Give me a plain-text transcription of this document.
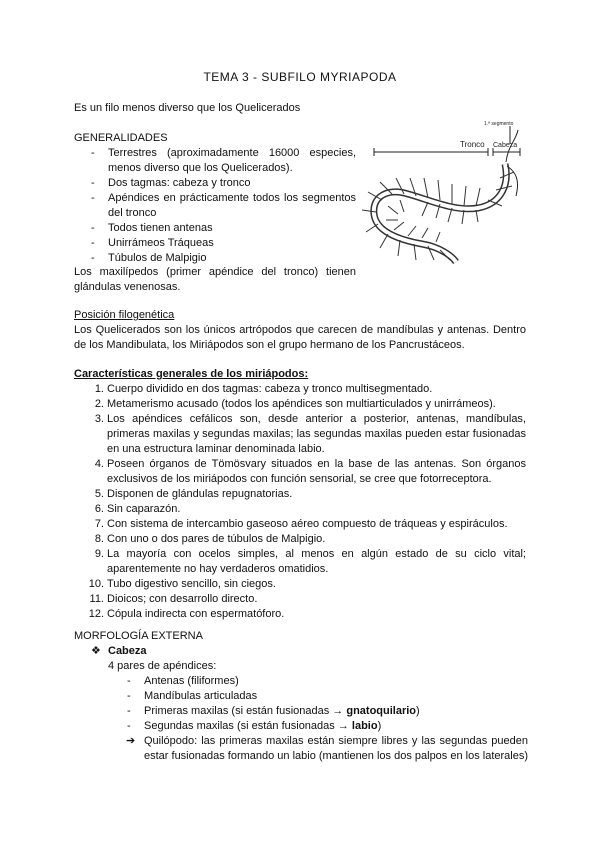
TEMA 3 - SUBFILO MYRIAPODA
Es un filo menos diverso que los Quelicerados
GENERALIDADES
- Terrestres (aproximadamente 16000 especies, menos diverso que los Quelicerados).
- Dos tagmas: cabeza y tronco
- Apéndices en prácticamente todos los segmentos del tronco
- Todos tienen antenas
- Unirrámeos Tráqueas
- Túbulos de Malpigio
Los maxilípedos (primer apéndice del tronco) tienen glándulas venenosas.
Tronco Cabeza
1.ª segmento
Posición filogenética
Los Quelicerados son los únicos artrópodos que carecen de mandíbulas y antenas. Dentro de los Mandibulata, los Miriápodos son el grupo hermano de los Pancrustáceos.
Características generales de los miriápodos:
1. Cuerpo dividido en dos tagmas: cabeza y tronco multisegmentado.
2. Metamerismo acusado (todos los apéndices son multiarticulados y unirrámeos).
3. Los apéndices cefálicos son, desde anterior a posterior, antenas, mandíbulas, primeras maxilas y segundas maxilas; las segundas maxilas pueden estar fusionadas en una estructura laminar denominada labio.
4. Poseen órganos de Tömösvary situados en la base de las antenas. Son órganos exclusivos de los miriápodos con función sensorial, se cree que fotorreceptora.
5. Disponen de glándulas repugnatorias.
6. Sin caparazón.
7. Con sistema de intercambio gaseoso aéreo compuesto de tráqueas y espiráculos.
8. Con uno o dos pares de túbulos de Malpigio.
9. La mayoría con ocelos simples, al menos en algún estado de su ciclo vital; aparentemente no hay verdaderos omatidios.
10. Tubo digestivo sencillo, sin ciegos.
11. Dioicos; con desarrollo directo.
12. Cópula indirecta con espermatóforo.
MORFOLOGÍA EXTERNA
❖ Cabeza
4 pares de apéndices:
- Antenas (filiformes)
- Mandíbulas articuladas
- Primeras maxilas (si están fusionadas → gnatoquilario)
- Segundas maxilas (si están fusionadas → labio)
➔ Quilópodo: las primeras maxilas están siempre libres y las segundas pueden estar fusionadas formando un labio (mantienen los dos palpos en los laterales)
